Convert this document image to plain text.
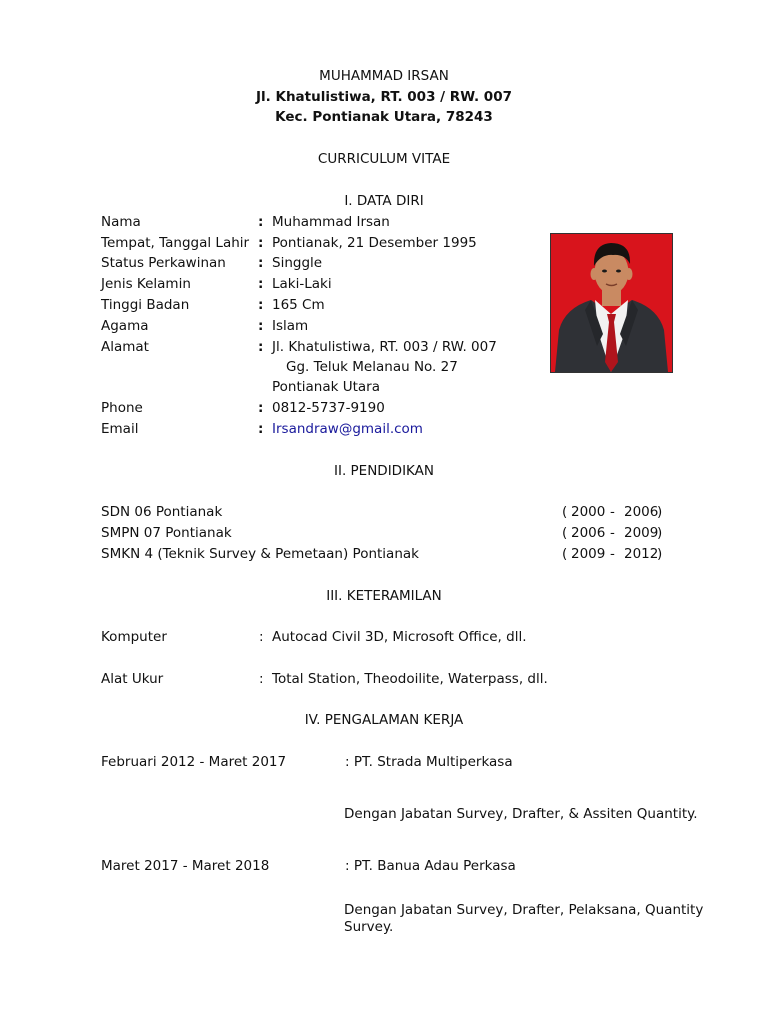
MUHAMMAD IRSAN
Jl. Khatulistiwa, RT. 003 / RW. 007
Kec. Pontianak Utara, 78243
CURRICULUM VITAE
I. DATA DIRI
Nama	: Muhammad Irsan
Tempat, Tanggal Lahir : Pontianak, 21 Desember 1995
Status Perkawinan : Singgle
Jenis Kelamin	: Laki-Laki
Tinggi Badan	: 165 Cm
Agama	: Islam
Alamat	: Jl. Khatulistiwa, RT. 003 / RW. 007
Gg. Teluk Melanau No. 27
Pontianak Utara
Phone	: 0812-5737-9190
Email	: Irsandraw@gmail.com
II. PENDIDIKAN
SDN 06 Pontianak	( 2000 - 2006
)
SMPN 07 Pontianak	( 2006 - 2009
)
SMKN 4 (Teknik Survey & Pemetaan) Pontianak	( 2009 - 2012
)
III. KETERAMILAN
Komputer	: Autocad Civil 3D, Microsoft Office, dll.
Alat Ukur	: Total Station, Theodoilite, Waterpass, dll.
IV. PENGALAMAN KERJA
Februari 2012 - Maret 2017	: PT. Strada Multiperkasa
Dengan Jabatan Survey, Drafter, & Assiten Quantity.
Maret 2017 - Maret 2018	: PT. Banua Adau Perkasa
Dengan Jabatan Survey, Drafter, Pelaksana, Quantity
Survey.
